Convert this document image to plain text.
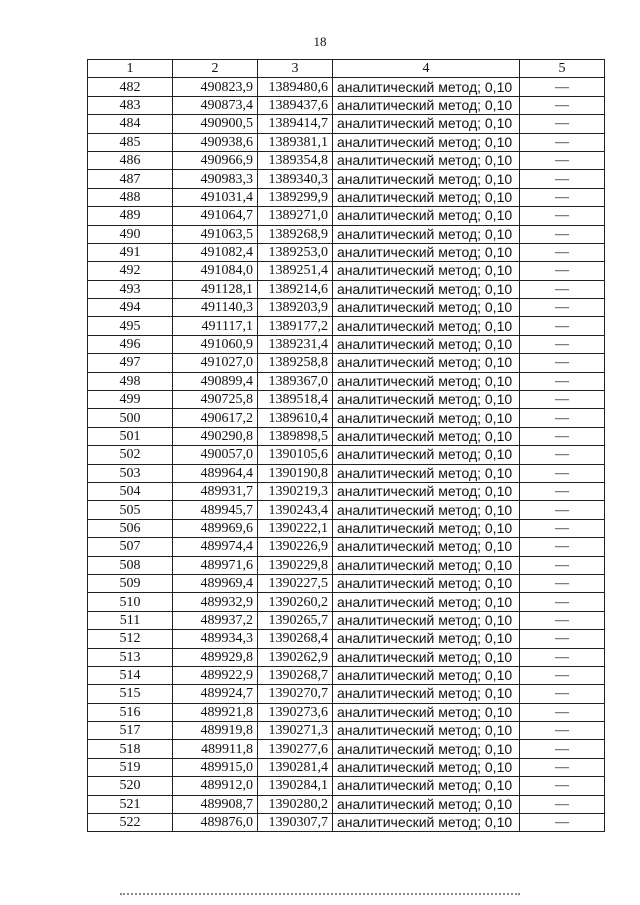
18
1	2	3	4	5
482	490823,9	1389480,6	аналитический метод; 0,10	—
483	490873,4	1389437,6	аналитический метод; 0,10	—
484	490900,5	1389414,7	аналитический метод; 0,10	—
485	490938,6	1389381,1	аналитический метод; 0,10	—
486	490966,9	1389354,8	аналитический метод; 0,10	—
487	490983,3	1389340,3	аналитический метод; 0,10	—
488	491031,4	1389299,9	аналитический метод; 0,10	—
489	491064,7	1389271,0	аналитический метод; 0,10	—
490	491063,5	1389268,9	аналитический метод; 0,10	—
491	491082,4	1389253,0	аналитический метод; 0,10	—
492	491084,0	1389251,4	аналитический метод; 0,10	—
493	491128,1	1389214,6	аналитический метод; 0,10	—
494	491140,3	1389203,9	аналитический метод; 0,10	—
495	491117,1	1389177,2	аналитический метод; 0,10	—
496	491060,9	1389231,4	аналитический метод; 0,10	—
497	491027,0	1389258,8	аналитический метод; 0,10	—
498	490899,4	1389367,0	аналитический метод; 0,10	—
499	490725,8	1389518,4	аналитический метод; 0,10	—
500	490617,2	1389610,4	аналитический метод; 0,10	—
501	490290,8	1389898,5	аналитический метод; 0,10	—
502	490057,0	1390105,6	аналитический метод; 0,10	—
503	489964,4	1390190,8	аналитический метод; 0,10	—
504	489931,7	1390219,3	аналитический метод; 0,10	—
505	489945,7	1390243,4	аналитический метод; 0,10	—
506	489969,6	1390222,1	аналитический метод; 0,10	—
507	489974,4	1390226,9	аналитический метод; 0,10	—
508	489971,6	1390229,8	аналитический метод; 0,10	—
509	489969,4	1390227,5	аналитический метод; 0,10	—
510	489932,9	1390260,2	аналитический метод; 0,10	—
511	489937,2	1390265,7	аналитический метод; 0,10	—
512	489934,3	1390268,4	аналитический метод; 0,10	—
513	489929,8	1390262,9	аналитический метод; 0,10	—
514	489922,9	1390268,7	аналитический метод; 0,10	—
515	489924,7	1390270,7	аналитический метод; 0,10	—
516	489921,8	1390273,6	аналитический метод; 0,10	—
517	489919,8	1390271,3	аналитический метод; 0,10	—
518	489911,8	1390277,6	аналитический метод; 0,10	—
519	489915,0	1390281,4	аналитический метод; 0,10	—
520	489912,0	1390284,1	аналитический метод; 0,10	—
521	489908,7	1390280,2	аналитический метод; 0,10	—
522	489876,0	1390307,7	аналитический метод; 0,10	—
